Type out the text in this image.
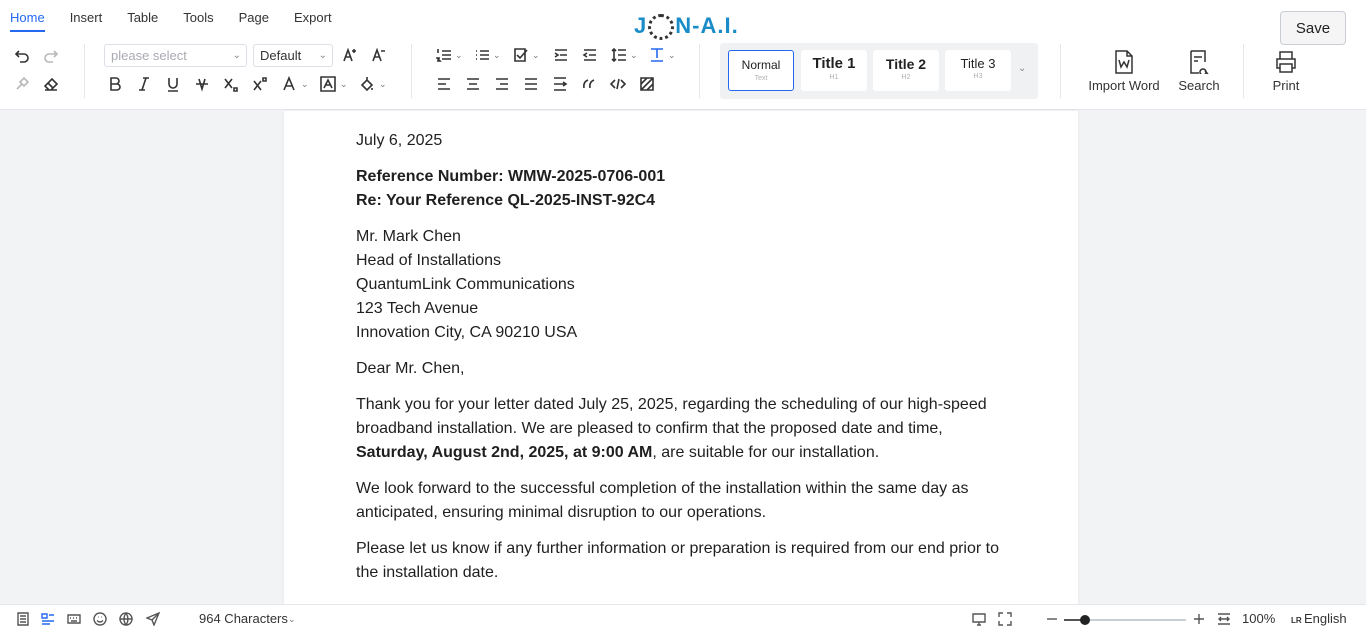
Home Insert Table Tools Page Export	J N-A.I.	Save
please select	⌄	Default ⌄
⌄	⌄	⌄
⌄	⌄	⌄	⌄	⌄
Normal
Text
Title 1
H1
Title 2
H2
Title 3
H3
⌄
Import Word Search	Print

July 6, 2025

Reference Number: WMW-2025-0706-001
Re: Your Reference QL-2025-INST-92C4

Mr. Mark Chen
Head of Installations
QuantumLink Communications
123 Tech Avenue
Innovation City, CA 90210 USA

Dear Mr. Chen,

Thank you for your letter dated July 25, 2025, regarding the scheduling of our high-speed broadband installation. We are pleased to confirm that the proposed date and time, Saturday, August 2nd, 2025, at 9:00 AM, are suitable for our installation.

We look forward to the successful completion of the installation within the same day as anticipated, ensuring minimal disruption to our operations.

Please let us know if any further information or preparation is required from our end prior to the installation date.

964 Characters ⌄	100% LR English
